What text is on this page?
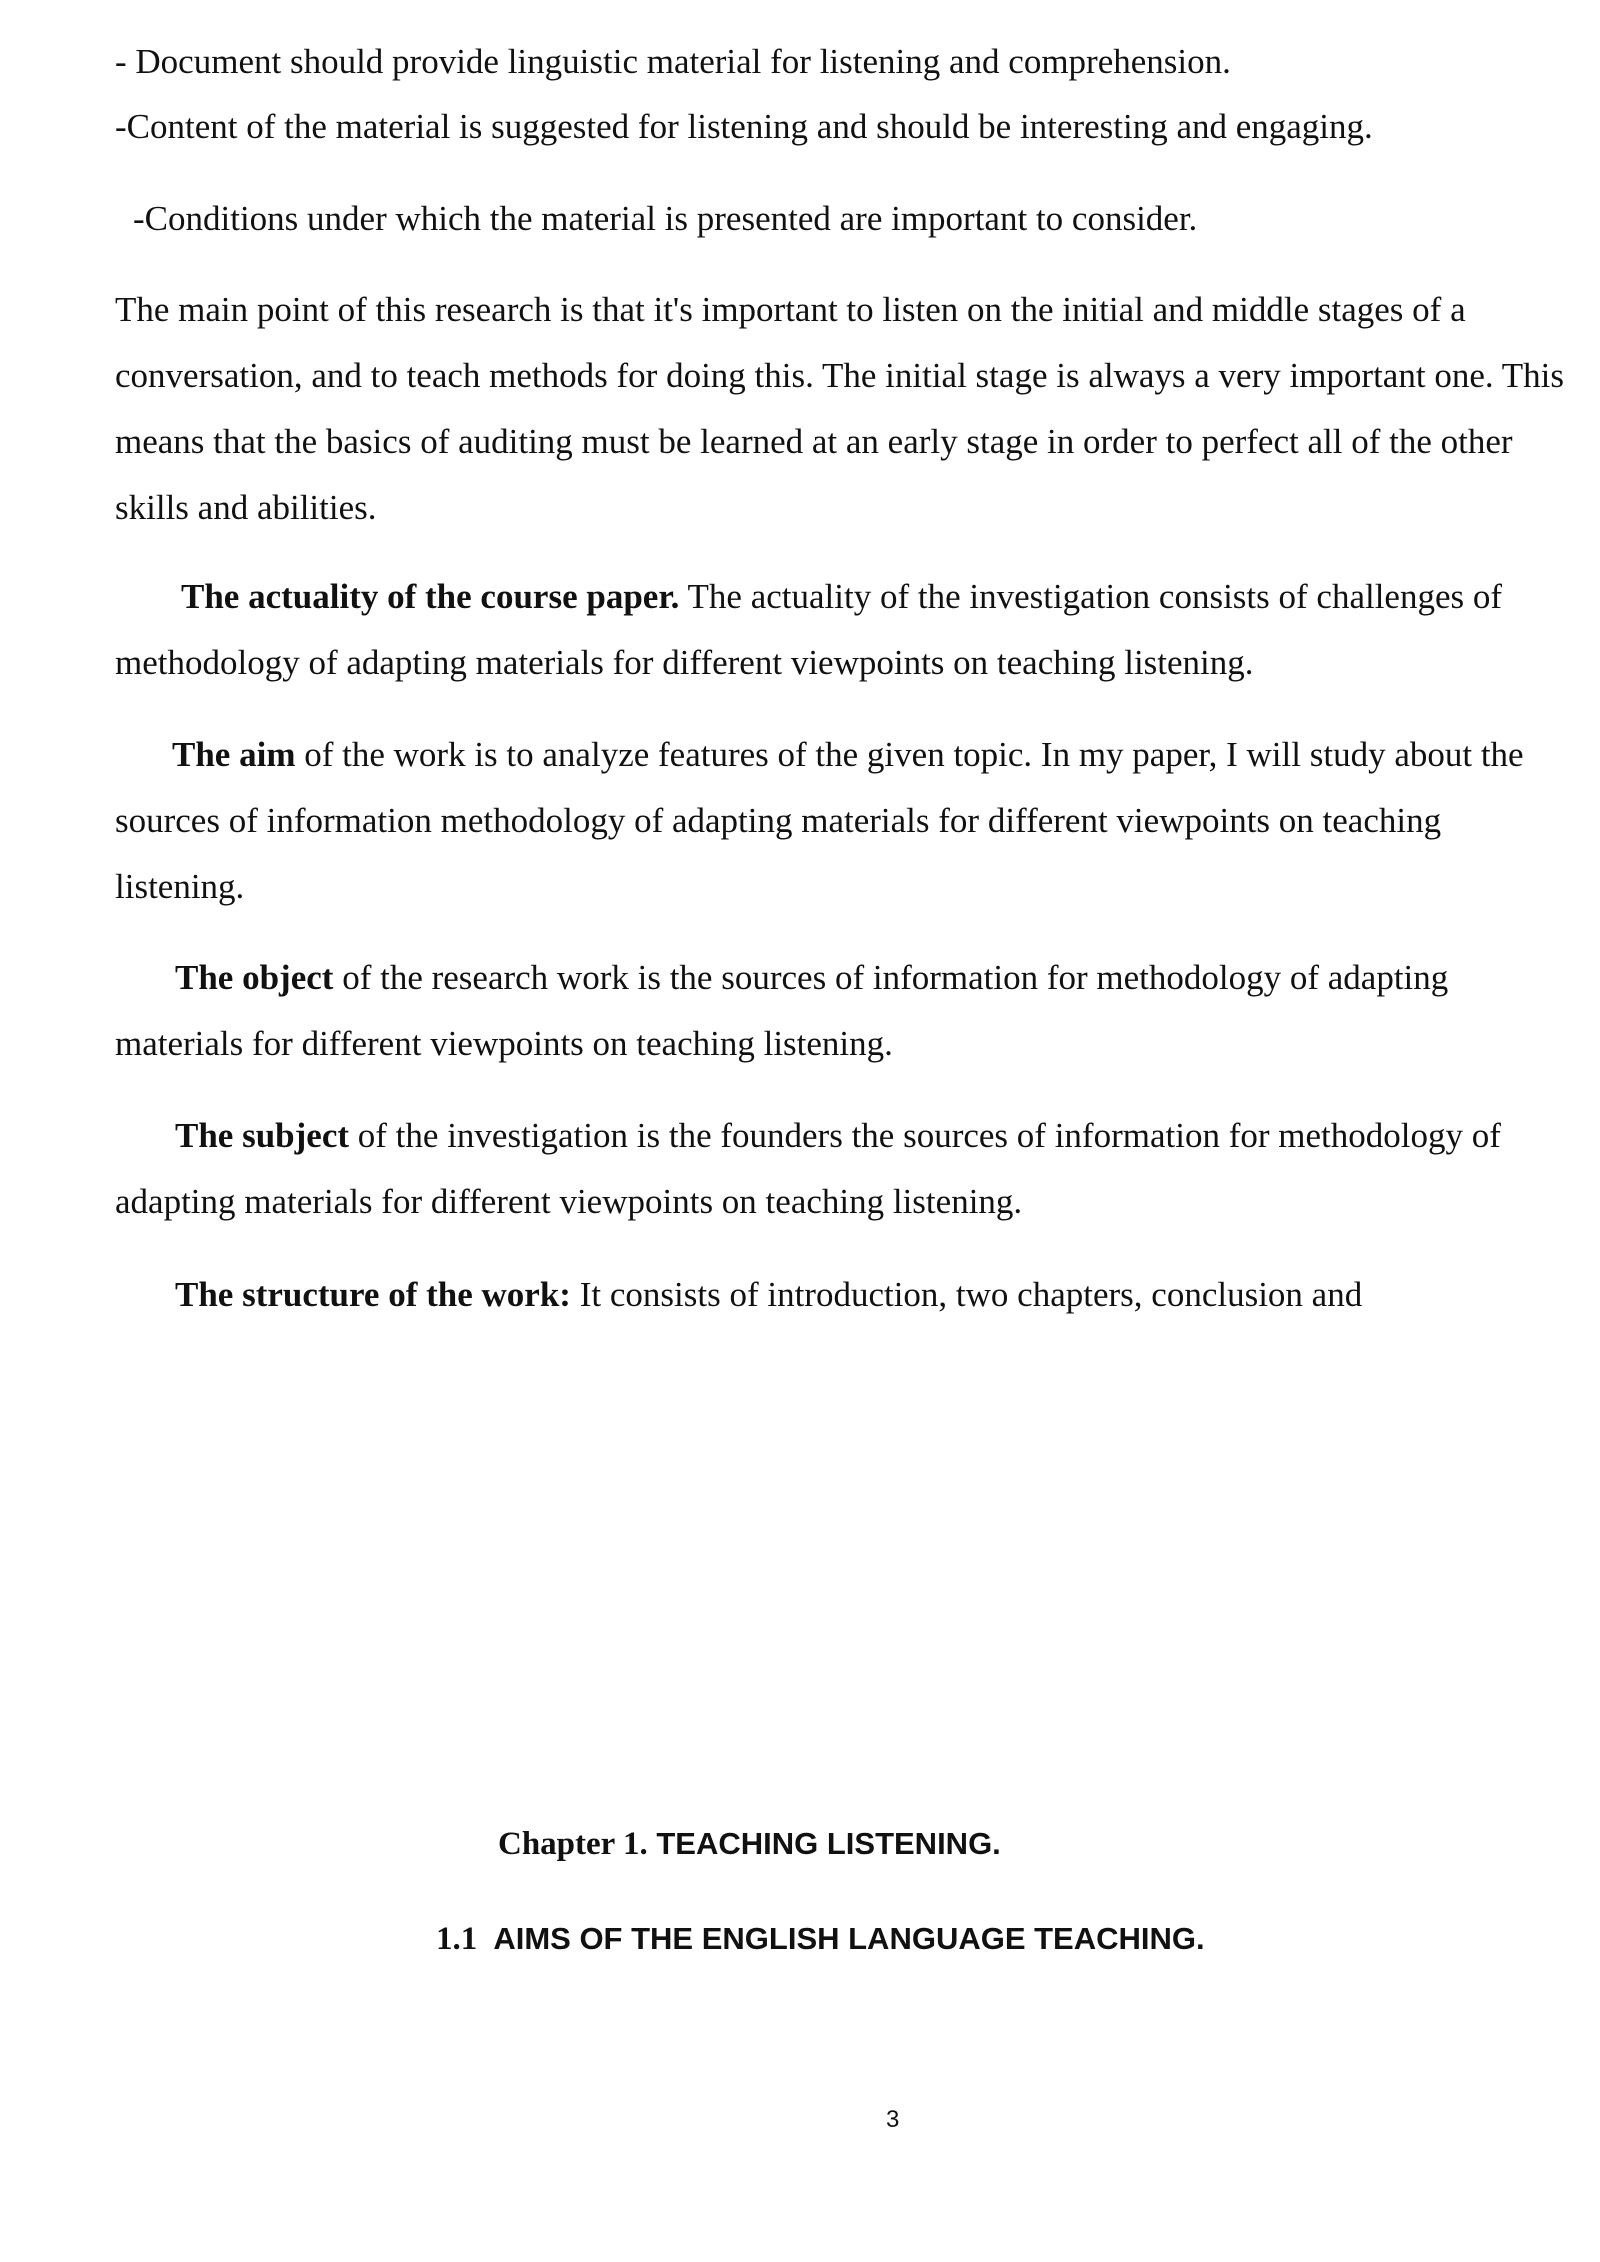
- Document should provide linguistic material for listening and comprehension.

-Content of the material is suggested for listening and should be interesting and engaging.

-Conditions under which the material is presented are important to consider.

The main point of this research is that it's important to listen on the initial and middle stages of a conversation, and to teach methods for doing this. The initial stage is always a very important one. This means that the basics of auditing must be learned at an early stage in order to perfect all of the other skills and abilities.

The actuality of the course paper. The actuality of the investigation consists of challenges of methodology of adapting materials for different viewpoints on teaching listening.

The aim of the work is to analyze features of the given topic. In my paper, I will study about the sources of information methodology of adapting materials for different viewpoints on teaching listening.

The object of the research work is the sources of information for methodology of adapting materials for different viewpoints on teaching listening.

The subject of the investigation is the founders the sources of information for methodology of adapting materials for different viewpoints on teaching listening.

The structure of the work: It consists of introduction, two chapters, conclusion and

Chapter 1. TEACHING LISTENING.

1.1  AIMS OF THE ENGLISH LANGUAGE TEACHING.

3
